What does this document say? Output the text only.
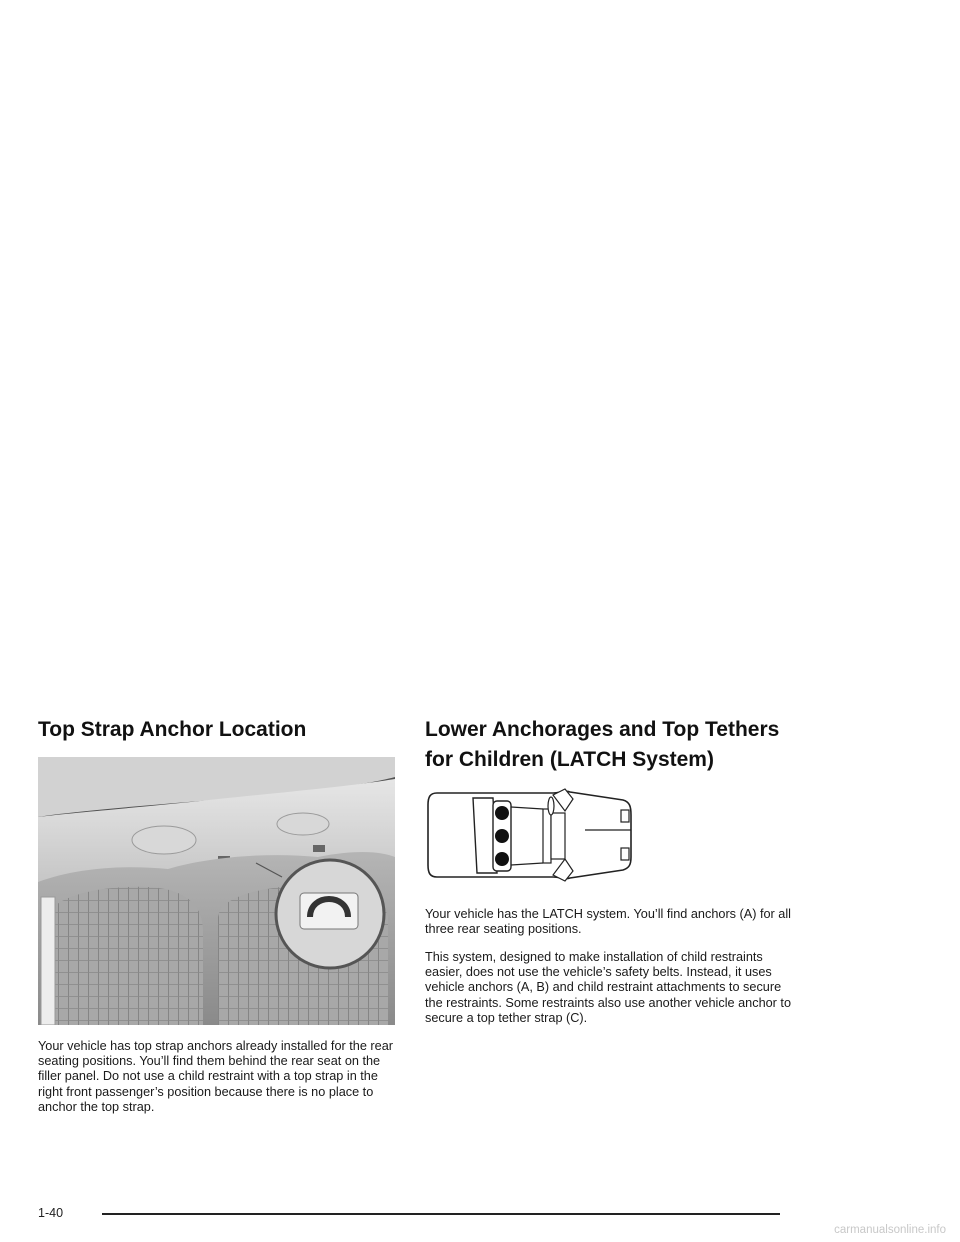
Top Strap Anchor Location

Your vehicle has top strap anchors already installed for the rear seating positions. You’ll find them behind the rear seat on the filler panel. Do not use a child restraint with a top strap in the right front passenger’s position because there is no place to anchor the top strap.

Lower Anchorages and Top Tethers for Children (LATCH System)

Your vehicle has the LATCH system. You’ll find anchors (A) for all three rear seating positions.

This system, designed to make installation of child restraints easier, does not use the vehicle’s safety belts. Instead, it uses vehicle anchors (A, B) and child restraint attachments to secure the restraints. Some restraints also use another vehicle anchor to secure a top tether strap (C).

1-40
carmanualsonline.info
